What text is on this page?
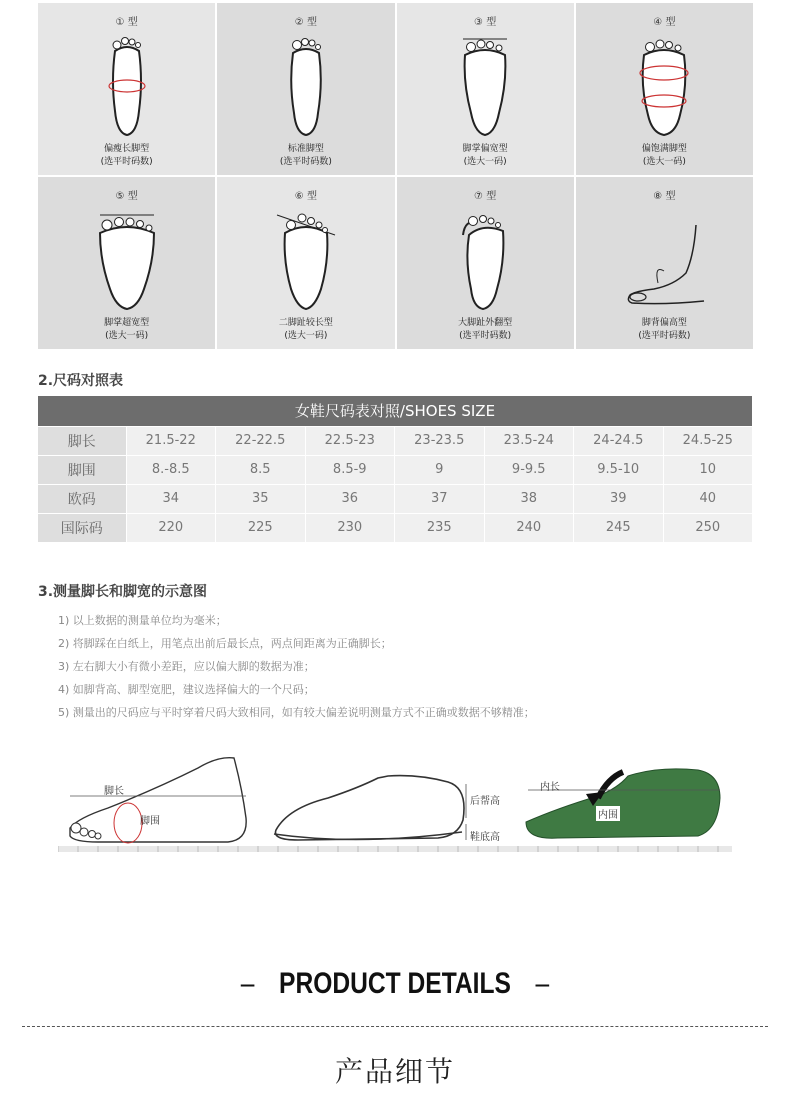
① 型
偏瘦长脚型
(选平时码数)
② 型
标准脚型
(选平时码数)
③ 型
脚掌偏宽型
(选大一码)
④ 型
偏饱满脚型
(选大一码)
⑤ 型
脚掌超宽型
(选大一码)
⑥ 型
二脚趾较长型
(选大一码)
⑦ 型
大脚趾外翻型
(选平时码数)
⑧ 型
脚背偏高型
(选平时码数)
2.尺码对照表
女鞋尺码表对照/SHOES SIZE							
脚长	21.5-22	22-22.5	22.5-23	23-23.5	23.5-24	24-24.5	24.5-25
脚围	8.-8.5	8.5	8.5-9	9	9-9.5	9.5-10	10
欧码	34	35	36	37	38	39	40
国际码	220	225	230	235	240	245	250
3.测量脚长和脚宽的示意图
1) 以上数据的测量单位均为毫米；
2) 将脚踩在白纸上，用笔点出前后最长点，两点间距离为正确脚长；
3) 左右脚大小有微小差距，应以偏大脚的数据为准；
4) 如脚背高、脚型宽肥，建议选择偏大的一个尺码；
5) 测量出的尺码应与平时穿着尺码大致相同，如有较大偏差说明测量方式不正确或数据不够精准；
脚长
脚围
后帮高
鞋底高
内长
内围
– PRODUCT DETAILS –
产品细节
